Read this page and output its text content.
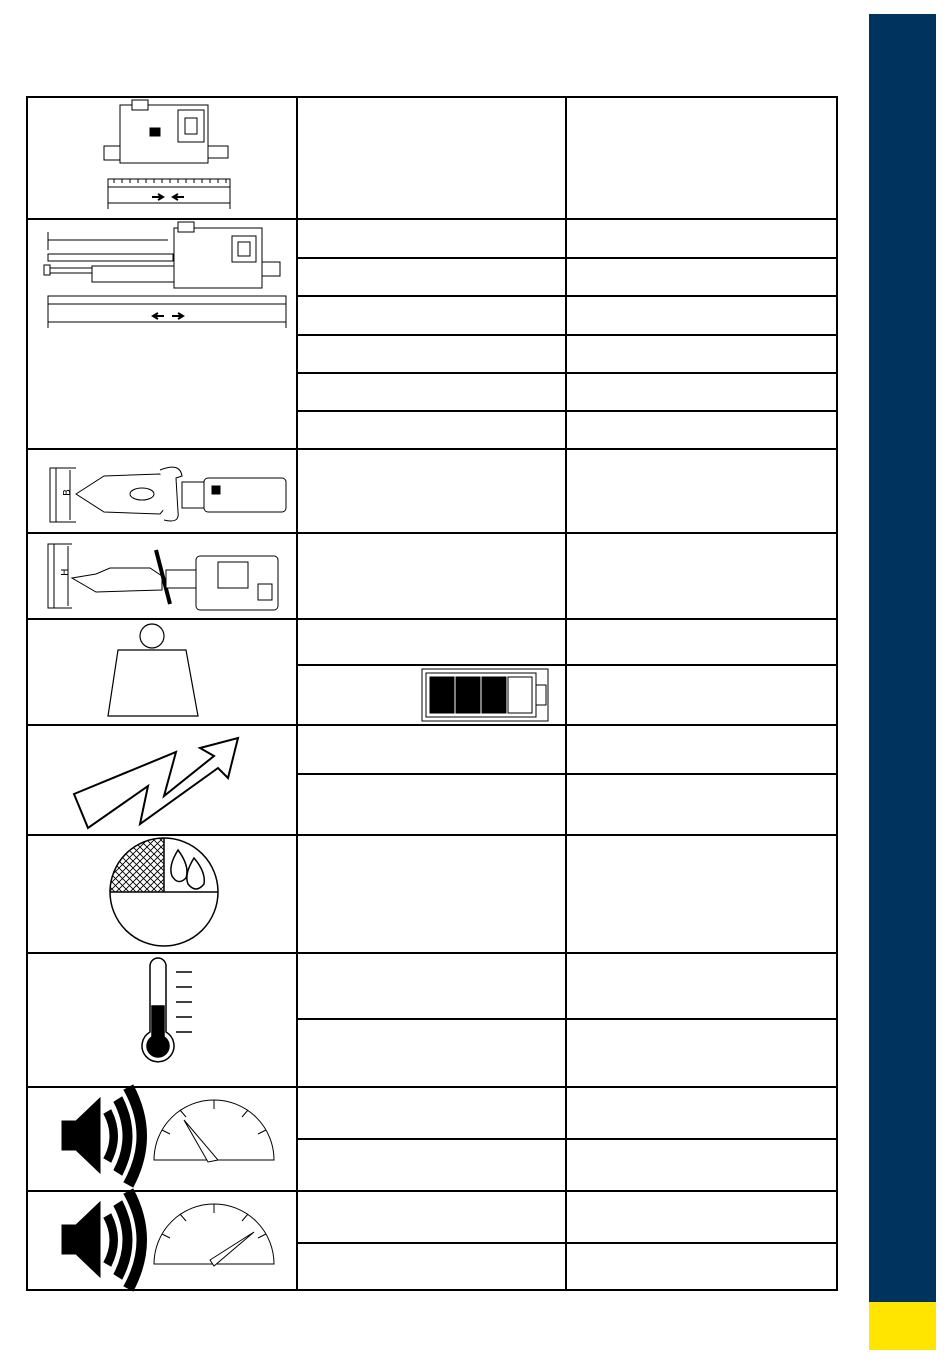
B
H
